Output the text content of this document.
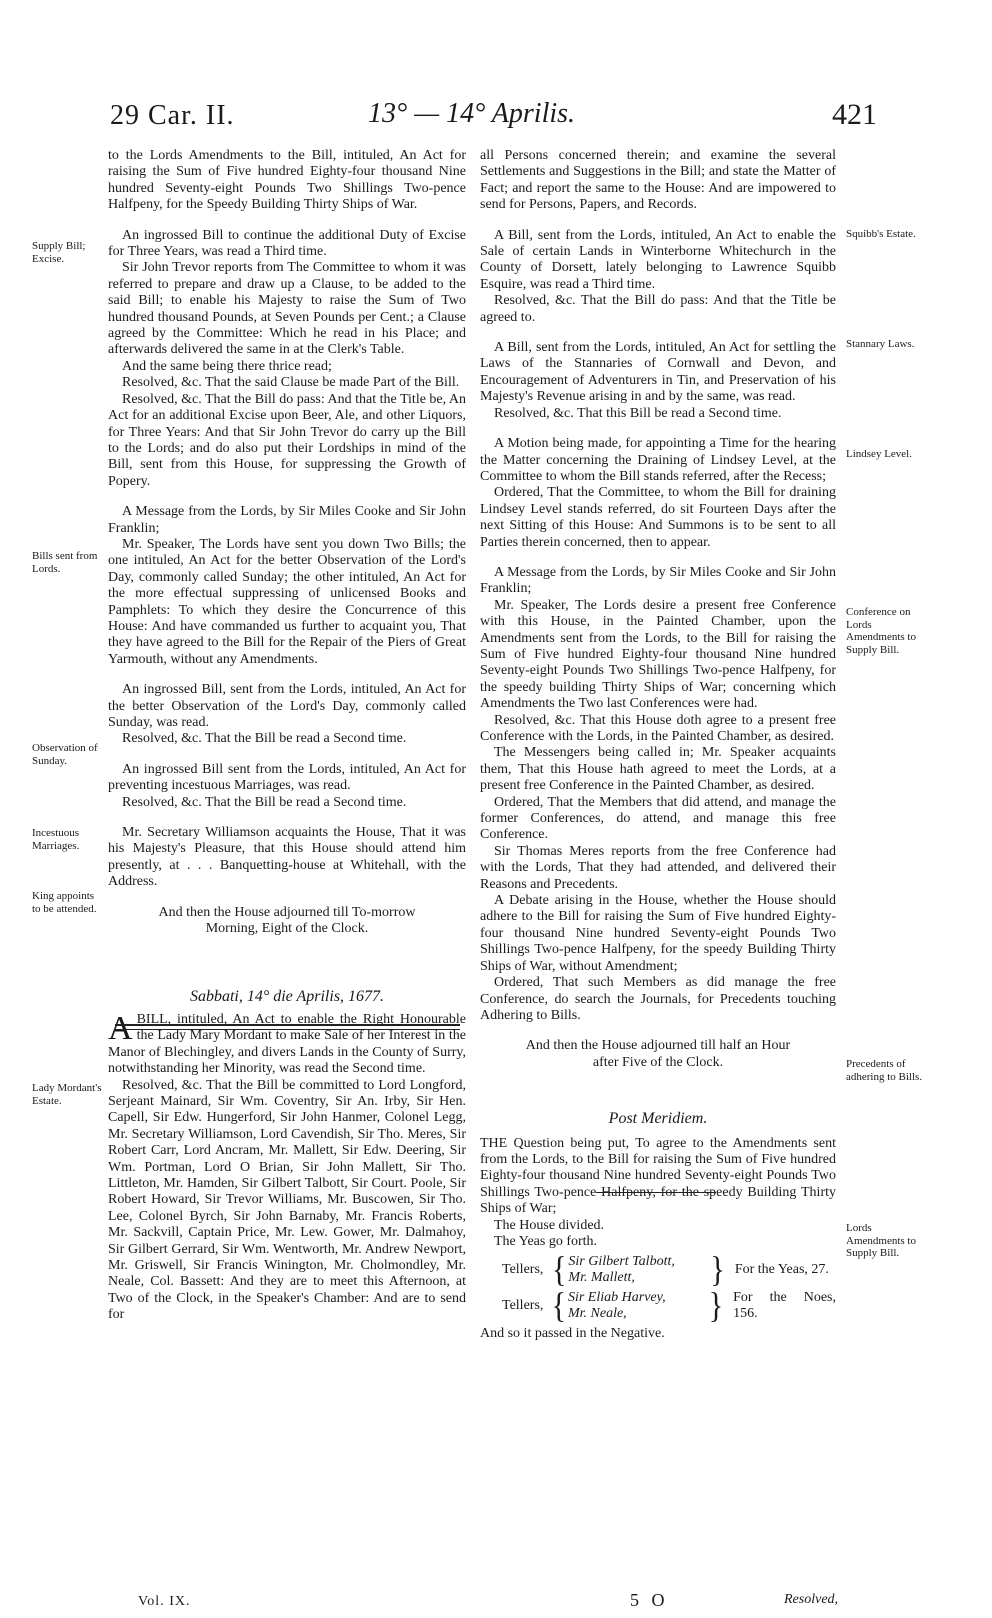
29 Car. II.	13° — 14° Aprilis.	421
Supply Bill; Excise.
Bills sent from Lords.
Observation of Sunday.
Incestuous Marriages.
King appoints to be attended.
Lady Mordant's Estate.
Squibb's Estate.
Stannary Laws.
Lindsey Level.
Conference on Lords Amendments to Supply Bill.
Precedents of adhering to Bills.
Lords Amendments to Supply Bill.

to the Lords Amendments to the Bill, intituled, An Act for raising the Sum of Five hundred Eighty-four thousand Nine hundred Seventy-eight Pounds Two Shillings Two-pence Halfpeny, for the Speedy Building Thirty Ships of War.

An ingrossed Bill to continue the additional Duty of Excise for Three Years, was read a Third time.

Sir John Trevor reports from The Committee to whom it was referred to prepare and draw up a Clause, to be added to the said Bill; to enable his Majesty to raise the Sum of Two hundred thousand Pounds, at Seven Pounds per Cent.; a Clause agreed by the Committee: Which he read in his Place; and afterwards delivered the same in at the Clerk's Table.

And the same being there thrice read;

Resolved, &c. That the said Clause be made Part of the Bill.

Resolved, &c. That the Bill do pass: And that the Title be, An Act for an additional Excise upon Beer, Ale, and other Liquors, for Three Years: And that Sir John Trevor do carry up the Bill to the Lords; and do also put their Lordships in mind of the Bill, sent from this House, for suppressing the Growth of Popery.

A Message from the Lords, by Sir Miles Cooke and Sir John Franklin;

Mr. Speaker, The Lords have sent you down Two Bills; the one intituled, An Act for the better Observation of the Lord's Day, commonly called Sunday; the other intituled, An Act for the more effectual suppressing of unlicensed Books and Pamphlets: To which they desire the Concurrence of this House: And have commanded us further to acquaint you, That they have agreed to the Bill for the Repair of the Piers of Great Yarmouth, without any Amendments.

An ingrossed Bill, sent from the Lords, intituled, An Act for the better Observation of the Lord's Day, commonly called Sunday, was read.

Resolved, &c. That the Bill be read a Second time.

An ingrossed Bill sent from the Lords, intituled, An Act for preventing incestuous Marriages, was read.

Resolved, &c. That the Bill be read a Second time.

Mr. Secretary Williamson acquaints the House, That it was his Majesty's Pleasure, that this House should attend him presently, at . . . Banquetting-house at Whitehall, with the Address.

And then the House adjourned till To-morrow Morning, Eight of the Clock.

Sabbati, 14° die Aprilis, 1677.

ABILL, intituled, An Act to enable the Right Honourable the Lady Mary Mordant to make Sale of her Interest in the Manor of Blechingley, and divers Lands in the County of Surry, notwithstanding her Minority, was read the Second time.

Resolved, &c. That the Bill be committed to Lord Longford, Serjeant Mainard, Sir Wm. Coventry, Sir An. Irby, Sir Hen. Capell, Sir Edw. Hungerford, Sir John Hanmer, Colonel Legg, Mr. Secretary Williamson, Lord Cavendish, Sir Tho. Meres, Sir Robert Carr, Lord Ancram, Mr. Mallett, Sir Edw. Deering, Sir Wm. Portman, Lord O Brian, Sir John Mallett, Sir Tho. Littleton, Mr. Hamden, Sir Gilbert Talbott, Sir Court. Poole, Sir Robert Howard, Sir Trevor Williams, Mr. Buscowen, Sir Tho. Lee, Colonel Byrch, Sir John Barnaby, Mr. Francis Roberts, Mr. Sackvill, Captain Price, Mr. Lew. Gower, Mr. Dalmahoy, Sir Gilbert Gerrard, Sir Wm. Wentworth, Mr. Andrew Newport, Mr. Griswell, Sir Francis Winington, Mr. Cholmondley, Mr. Neale, Col. Bassett: And they are to meet this Afternoon, at Two of the Clock, in the Speaker's Chamber: And are to send for

all Persons concerned therein; and examine the several Settlements and Suggestions in the Bill; and state the Matter of Fact; and report the same to the House: And are impowered to send for Persons, Papers, and Records.

A Bill, sent from the Lords, intituled, An Act to enable the Sale of certain Lands in Winterborne Whitechurch in the County of Dorsett, lately belonging to Lawrence Squibb Esquire, was read a Third time.

Resolved, &c. That the Bill do pass: And that the Title be agreed to.

A Bill, sent from the Lords, intituled, An Act for settling the Laws of the Stannaries of Cornwall and Devon, and Encouragement of Adventurers in Tin, and Preservation of his Majesty's Revenue arising in and by the same, was read.

Resolved, &c. That this Bill be read a Second time.

A Motion being made, for appointing a Time for the hearing the Matter concerning the Draining of Lindsey Level, at the Committee to whom the Bill stands referred, after the Recess;

Ordered, That the Committee, to whom the Bill for draining Lindsey Level stands referred, do sit Fourteen Days after the next Sitting of this House: And Summons is to be sent to all Parties therein concerned, then to appear.

A Message from the Lords, by Sir Miles Cooke and Sir John Franklin;

Mr. Speaker, The Lords desire a present free Conference with this House, in the Painted Chamber, upon the Amendments sent from the Lords, to the Bill for raising the Sum of Five hundred Eighty-four thousand Nine hundred Seventy-eight Pounds Two Shillings Two-pence Halfpeny, for the speedy building Thirty Ships of War; concerning which Amendments the Two last Conferences were had.

Resolved, &c. That this House doth agree to a present free Conference with the Lords, in the Painted Chamber, as desired.

The Messengers being called in; Mr. Speaker acquaints them, That this House hath agreed to meet the Lords, at a present free Conference in the Painted Chamber, as desired.

Ordered, That the Members that did attend, and manage the former Conferences, do attend, and manage this free Conference.

Sir Thomas Meres reports from the free Conference had with the Lords, That they had attended, and delivered their Reasons and Precedents.

A Debate arising in the House, whether the House should adhere to the Bill for raising the Sum of Five hundred Eighty-four thousand Nine hundred Seventy-eight Pounds Two Shillings Two-pence Halfpeny, for the speedy Building Thirty Ships of War, without Amendment;

Ordered, That such Members as did manage the free Conference, do search the Journals, for Precedents touching Adhering to Bills.

And then the House adjourned till half an Hour after Five of the Clock.

Post Meridiem.

THE Question being put, To agree to the Amendments sent from the Lords, to the Bill for raising the Sum of Five hundred Eighty-four thousand Nine hundred Seventy-eight Pounds Two Shillings Two-pence Halfpeny, for the speedy Building Thirty Ships of War;

The House divided.

The Yeas go forth.

Tellers, { Sir Gilbert Talbott,
Mr. Mallett,	} For the Yeas, 27.
Tellers, { Sir Eliab Harvey,
Mr. Neale,	} For the Noes, 156.

And so it passed in the Negative.

Vol. IX.	5 O	Resolved,
